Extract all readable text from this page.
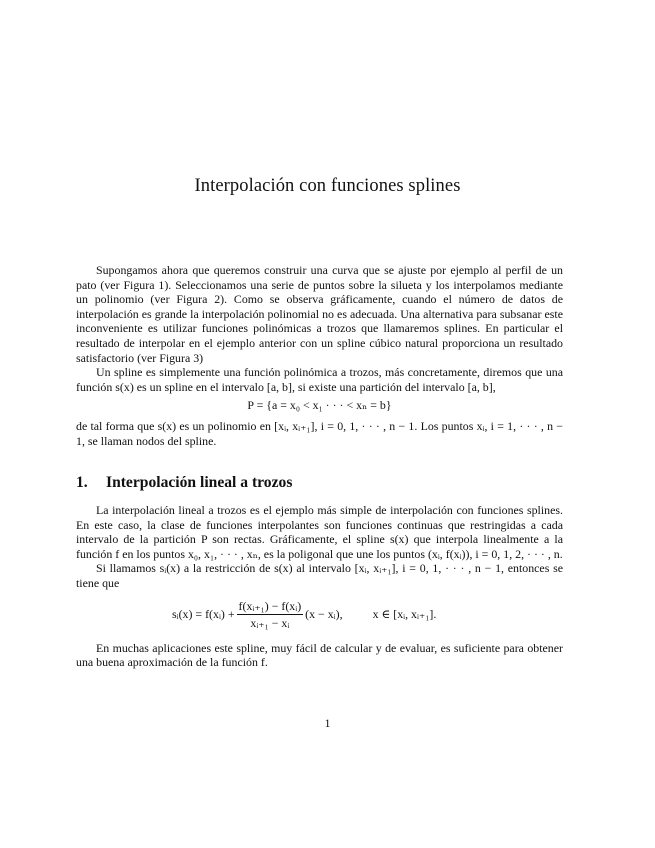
Interpolación con funciones splines

Supongamos ahora que queremos construir una curva que se ajuste por ejemplo al perfil de un pato (ver Figura 1). Seleccionamos una serie de puntos sobre la silueta y los interpolamos mediante un polinomio (ver Figura 2). Como se observa gráficamente, cuando el número de datos de interpolación es grande la interpolación polinomial no es adecuada. Una alternativa para subsanar este inconveniente es utilizar funciones polinómicas a trozos que llamaremos splines. En particular el resultado de interpolar en el ejemplo anterior con un spline cúbico natural proporciona un resultado satisfactorio (ver Figura 3)

Un spline es simplemente una función polinómica a trozos, más concretamente, diremos que una función s(x) es un spline en el intervalo [a, b], si existe una partición del intervalo [a, b],

P = {a = x₀ < x₁ · · · < xₙ = b}

de tal forma que s(x) es un polinomio en [xᵢ, xᵢ₊₁], i = 0, 1, · · · , n − 1. Los puntos xᵢ, i = 1, · · · , n − 1, se llaman nodos del spline.

1. Interpolación lineal a trozos

La interpolación lineal a trozos es el ejemplo más simple de interpolación con funciones splines. En este caso, la clase de funciones interpolantes son funciones continuas que restringidas a cada intervalo de la partición P son rectas. Gráficamente, el spline s(x) que interpola linealmente a la función f en los puntos x₀, x₁, · · · , xₙ, es la poligonal que une los puntos (xᵢ, f(xᵢ)), i = 0, 1, 2, · · · , n.

Si llamamos sᵢ(x) a la restricción de s(x) al intervalo [xᵢ, xᵢ₊₁], i = 0, 1, · · · , n − 1, entonces se tiene que

sᵢ(x) = f(xᵢ) + $\frac{\text{f(xᵢ₊₁) − f(xᵢ)}}{\text{xᵢ₊₁ − xᵢ}} (x$ − xᵢ),	x ∈ [xᵢ, xᵢ₊₁].

En muchas aplicaciones este spline, muy fácil de calcular y de evaluar, es suficiente para obtener una buena aproximación de la función f.

1
